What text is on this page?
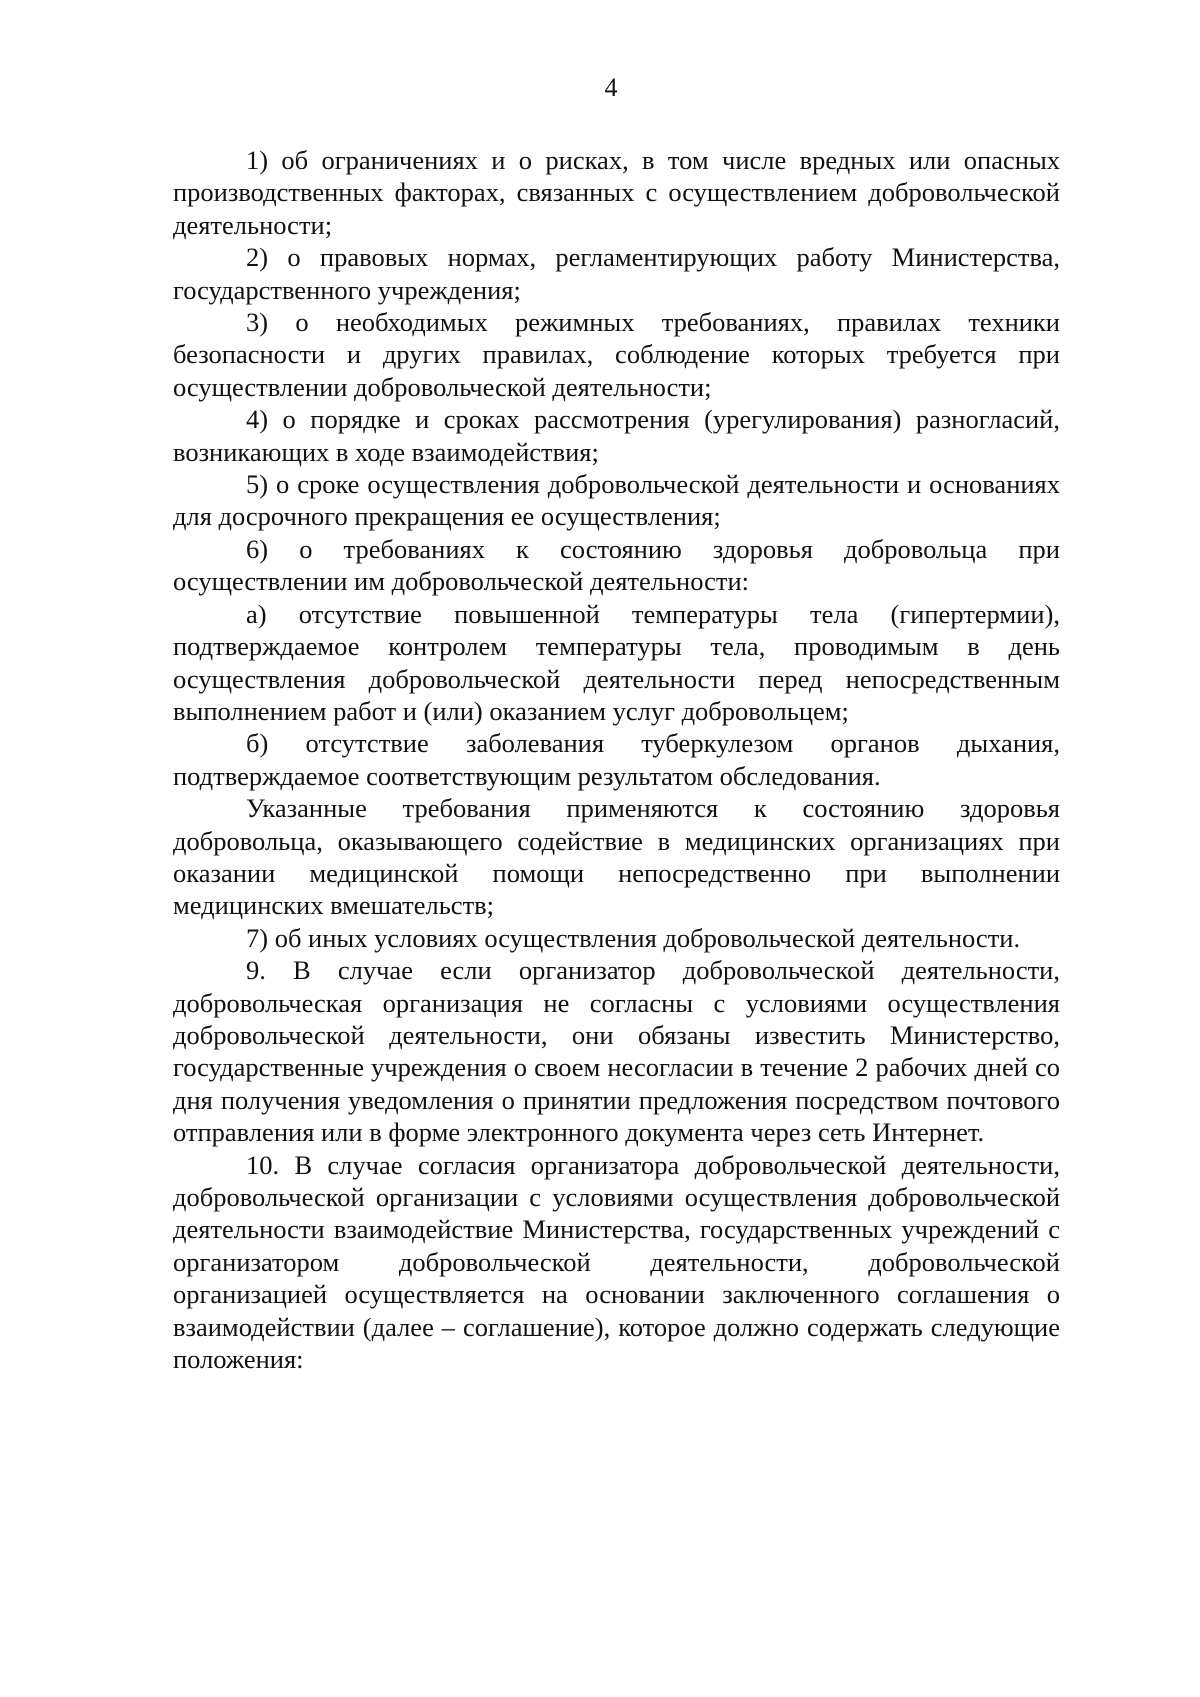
4

1) об ограничениях и о рисках, в том числе вредных или опасных производственных факторах, связанных с осуществлением добровольческой деятельности;

2) о правовых нормах, регламентирующих работу Министерства, государственного учреждения;

3) о необходимых режимных требованиях, правилах техники безопасности и других правилах, соблюдение которых требуется при осуществлении добровольческой деятельности;

4) о порядке и сроках рассмотрения (урегулирования) разногласий, возникающих в ходе взаимодействия;

5) о сроке осуществления добровольческой деятельности и основаниях для досрочного прекращения ее осуществления;

6) о требованиях к состоянию здоровья добровольца при осуществлении им добровольческой деятельности:

а) отсутствие повышенной температуры тела (гипертермии), подтверждаемое контролем температуры тела, проводимым в день осуществления добровольческой деятельности перед непосредственным выполнением работ и (или) оказанием услуг добровольцем;

б) отсутствие заболевания туберкулезом органов дыхания, подтверждаемое соответствующим результатом обследования.

Указанные требования применяются к состоянию здоровья добровольца, оказывающего содействие в медицинских организациях при оказании медицинской помощи непосредственно при выполнении медицинских вмешательств;

7) об иных условиях осуществления добровольческой деятельности.

9. В случае если организатор добровольческой деятельности, добровольческая организация не согласны с условиями осуществления добровольческой деятельности, они обязаны известить Министерство, государственные учреждения о своем несогласии в течение 2 рабочих дней со дня получения уведомления о принятии предложения посредством почтового отправления или в форме электронного документа через сеть Интернет.

10. В случае согласия организатора добровольческой деятельности, добровольческой организации с условиями осуществления добровольческой деятельности взаимодействие Министерства, государственных учреждений с организатором добровольческой деятельности, добровольческой организацией осуществляется на основании заключенного соглашения о взаимодействии (далее – соглашение), которое должно содержать следующие положения:
